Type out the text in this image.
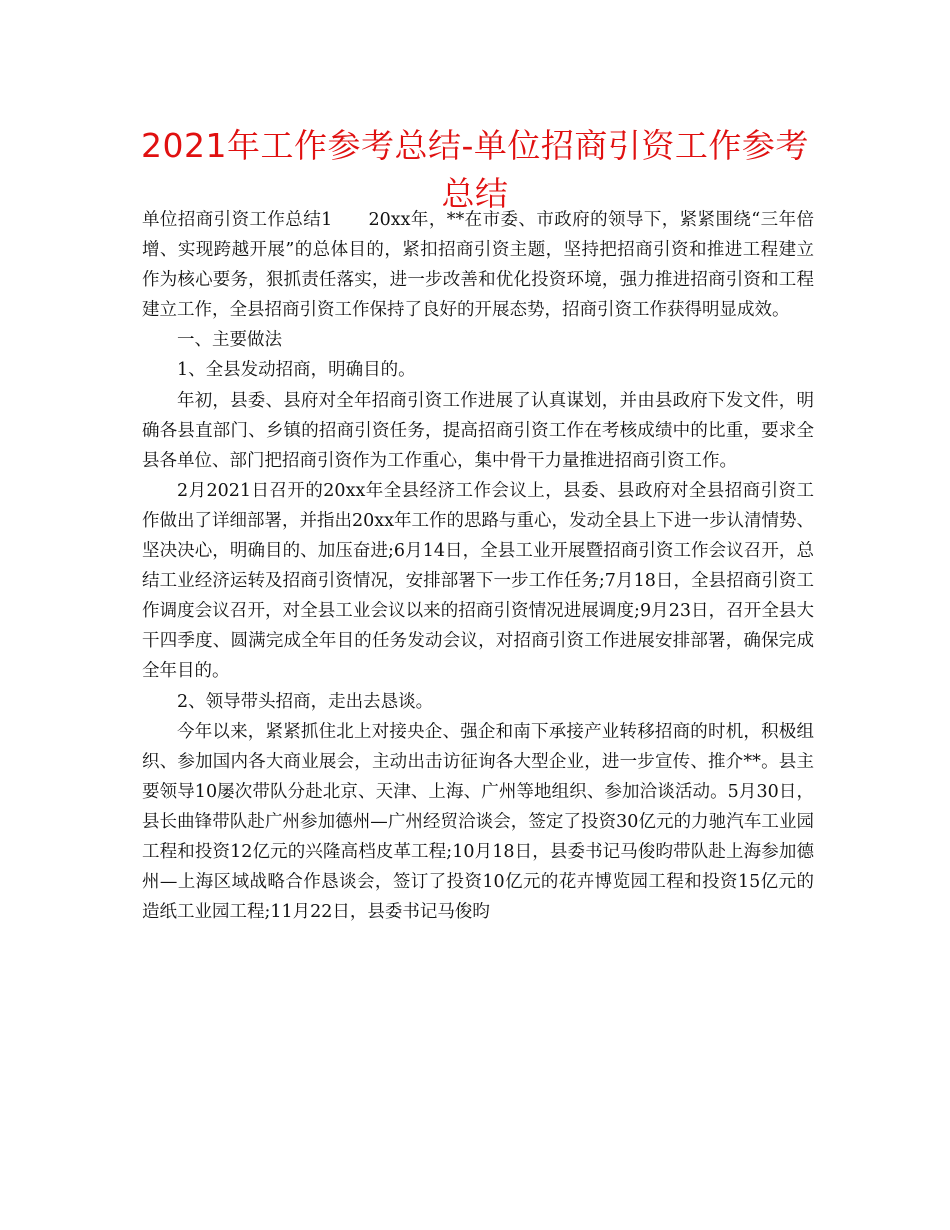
2021年工作参考总结-单位招商引资工作参考总结

单位招商引资工作总结1　　20xx年，**在市委、市政府的领导下，紧紧围绕“三年倍增、实现跨越开展”的总体目的，紧扣招商引资主题，坚持把招商引资和推进工程建立作为核心要务，狠抓责任落实，进一步改善和优化投资环境，强力推进招商引资和工程建立工作，全县招商引资工作保持了良好的开展态势，招商引资工作获得明显成效。

一、主要做法

1、全县发动招商，明确目的。

年初，县委、县府对全年招商引资工作进展了认真谋划，并由县政府下发文件，明确各县直部门、乡镇的招商引资任务，提高招商引资工作在考核成绩中的比重，要求全县各单位、部门把招商引资作为工作重心，集中骨干力量推进招商引资工作。

2月2021日召开的20xx年全县经济工作会议上，县委、县政府对全县招商引资工作做出了详细部署，并指出20xx年工作的思路与重心，发动全县上下进一步认清情势、坚决决心，明确目的、加压奋进;6月14日，全县工业开展暨招商引资工作会议召开，总结工业经济运转及招商引资情况，安排部署下一步工作任务;7月18日，全县招商引资工作调度会议召开，对全县工业会议以来的招商引资情况进展调度;9月23日，召开全县大干四季度、圆满完成全年目的任务发动会议，对招商引资工作进展安排部署，确保完成全年目的。

2、领导带头招商，走出去恳谈。

今年以来，紧紧抓住北上对接央企、强企和南下承接产业转移招商的时机，积极组织、参加国内各大商业展会，主动出击访征询各大型企业，进一步宣传、推介**。县主要领导10屡次带队分赴北京、天津、上海、广州等地组织、参加洽谈活动。5月30日，县长曲锋带队赴广州参加德州—广州经贸洽谈会，签定了投资30亿元的力驰汽车工业园工程和投资12亿元的兴隆高档皮革工程;10月18日，县委书记马俊昀带队赴上海参加德州—上海区域战略合作恳谈会，签订了投资10亿元的花卉博览园工程和投资15亿元的造纸工业园工程;11月22日，县委书记马俊昀
